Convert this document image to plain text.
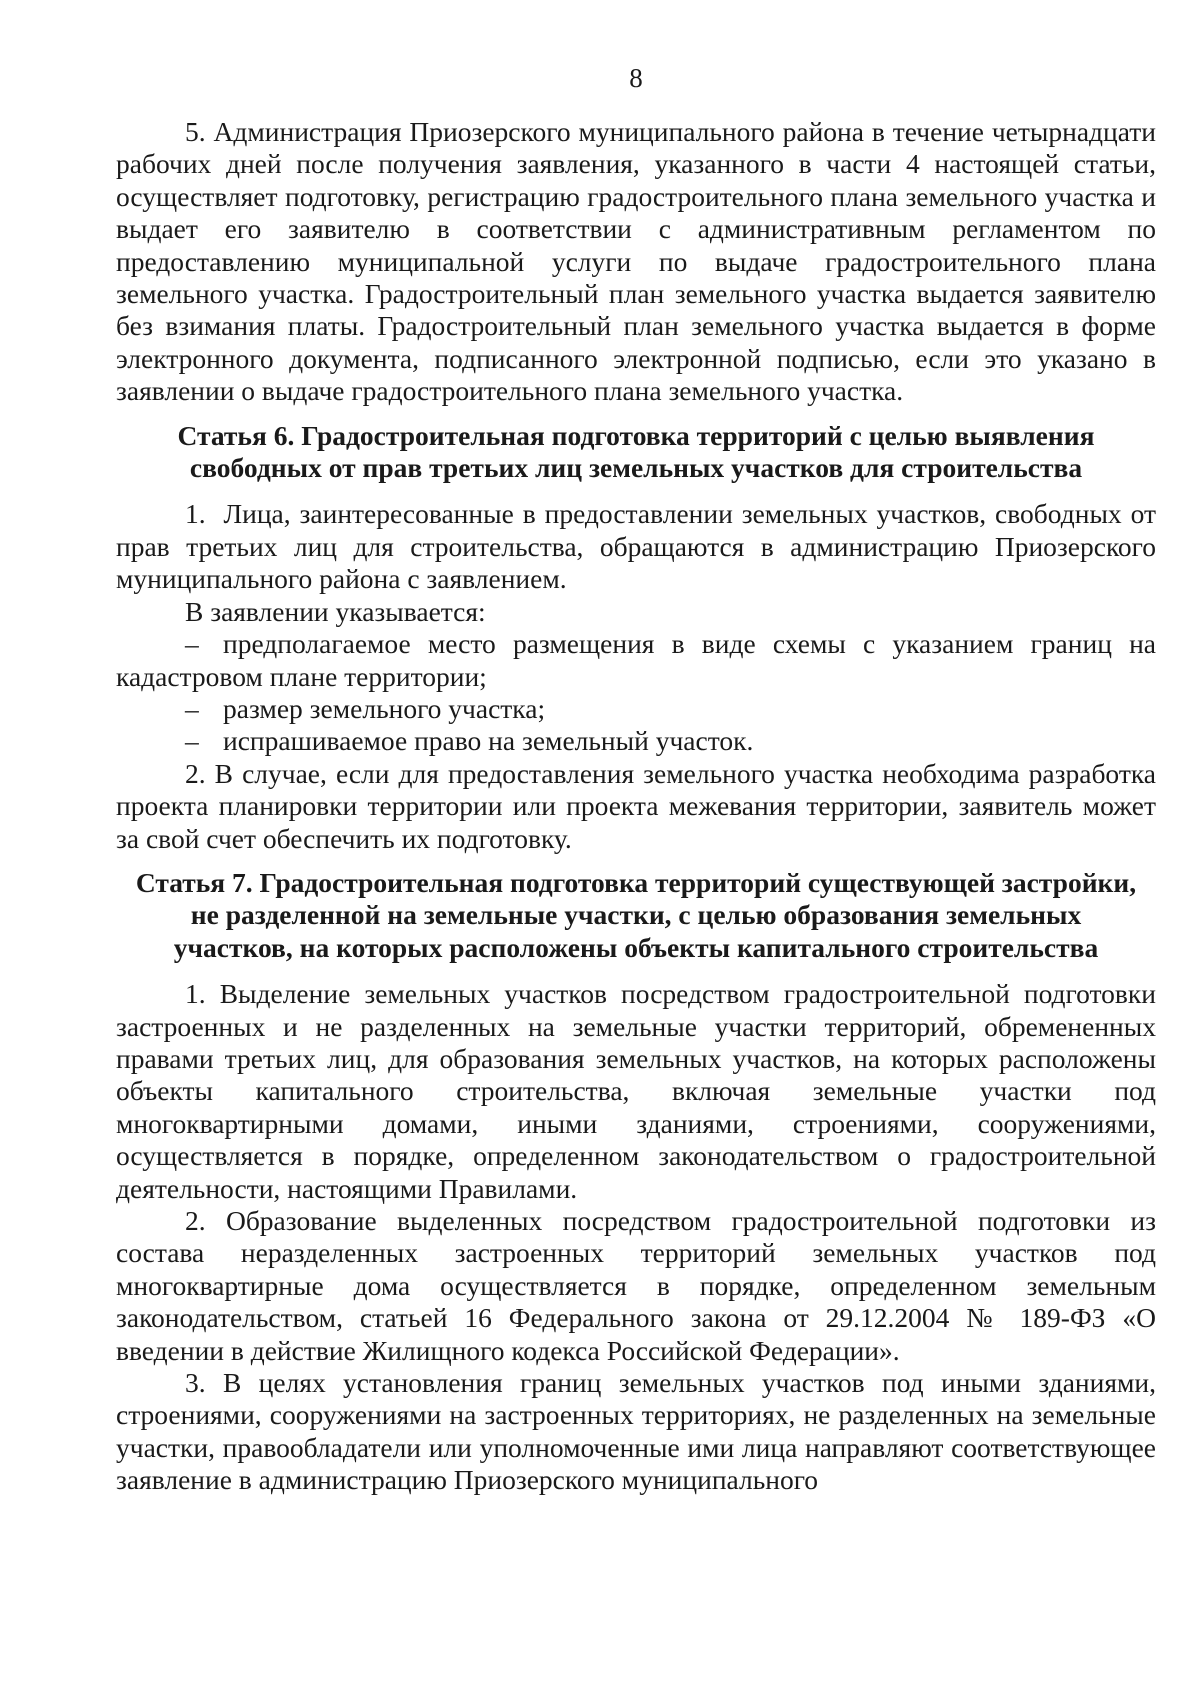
8

5. Администрация Приозерского муниципального района в течение четырнадцати рабочих дней после получения заявления, указанного в части 4 настоящей статьи, осуществляет подготовку, регистрацию градостроительного плана земельного участка и выдает его заявителю в соответствии с административным регламентом по предоставлению муниципальной услуги по выдаче градостроительного плана земельного участка. Градостроительный план земельного участка выдается заявителю без взимания платы. Градостроительный план земельного участка выдается в форме электронного документа, подписанного электронной подписью, если это указано в заявлении о выдаче градостроительного плана земельного участка.

Статья 6. Градостроительная подготовка территорий с целью выявления
свободных от прав третьих лиц земельных участков для строительства

1.  Лица, заинтересованные в предоставлении земельных участков, свободных от прав третьих лиц для строительства, обращаются в администрацию Приозерского муниципального района с заявлением.

В заявлении указывается:

– предполагаемое место размещения в виде схемы с указанием границ на кадастровом плане территории;

– размер земельного участка;

– испрашиваемое право на земельный участок.

2. В случае, если для предоставления земельного участка необходима разработка проекта планировки территории или проекта межевания территории, заявитель может за свой счет обеспечить их подготовку.

Статья 7. Градостроительная подготовка территорий существующей застройки,
не разделенной на земельные участки, с целью образования земельных
участков, на которых расположены объекты капитального строительства

1. Выделение земельных участков посредством градостроительной подготовки застроенных и не разделенных на земельные участки территорий, обремененных правами третьих лиц, для образования земельных участков, на которых расположены объекты капитального строительства, включая земельные участки под многоквартирными домами, иными зданиями, строениями, сооружениями, осуществляется в порядке, определенном законодательством о градостроительной деятельности, настоящими Правилами.

2. Образование выделенных посредством градостроительной подготовки из состава неразделенных застроенных территорий земельных участков под многоквартирные дома осуществляется в порядке, определенном земельным законодательством, статьей 16 Федерального закона от 29.12.2004 № 189-ФЗ «О введении в действие Жилищного кодекса Российской Федерации».

3. В целях установления границ земельных участков под иными зданиями, строениями, сооружениями на застроенных территориях, не разделенных на земельные участки, правообладатели или уполномоченные ими лица направляют соответствующее заявление в администрацию Приозерского муниципального
